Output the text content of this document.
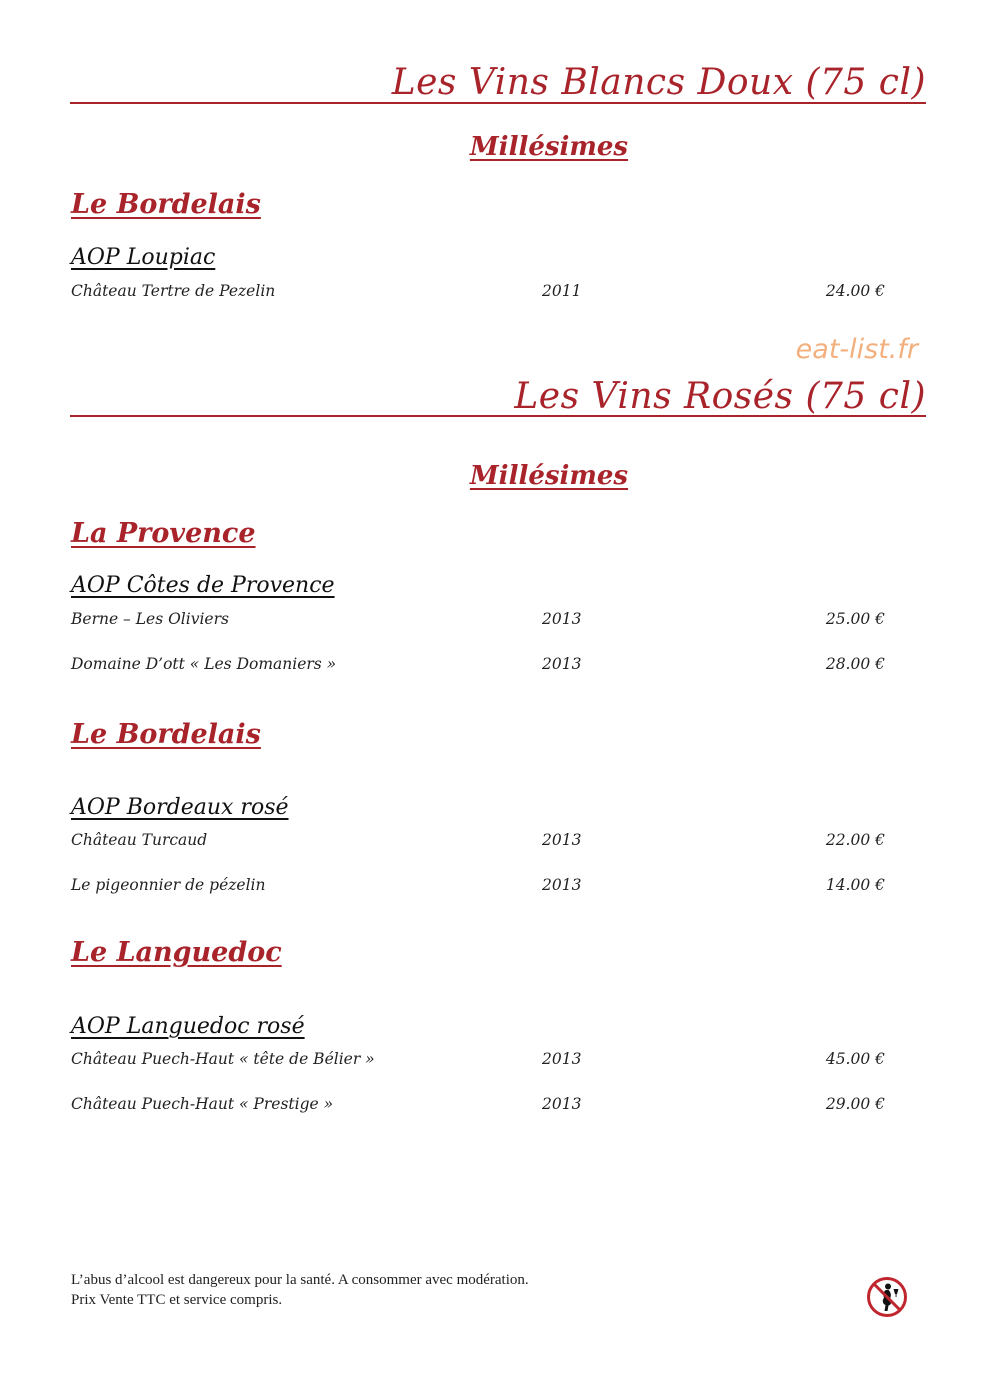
Les Vins Blancs Doux (75 cl)
Millésimes
Le Bordelais
AOP Loupiac
Château Tertre de Pezelin	2011	24.00 €
eat-list.fr
Les Vins Rosés (75 cl)
Millésimes
La Provence
AOP Côtes de Provence
Berne – Les Oliviers	2013	25.00 €
Domaine D’ott « Les Domaniers »	2013	28.00 €
Le Bordelais
AOP Bordeaux rosé
Château Turcaud	2013	22.00 €
Le pigeonnier de pézelin	2013	14.00 €
Le Languedoc
AOP Languedoc rosé
Château Puech-Haut « tête de Bélier »	2013	45.00 €
Château Puech-Haut « Prestige »	2013	29.00 €
L’abus d’alcool est dangereux pour la santé. A consommer avec modération.
Prix Vente TTC et service compris.
